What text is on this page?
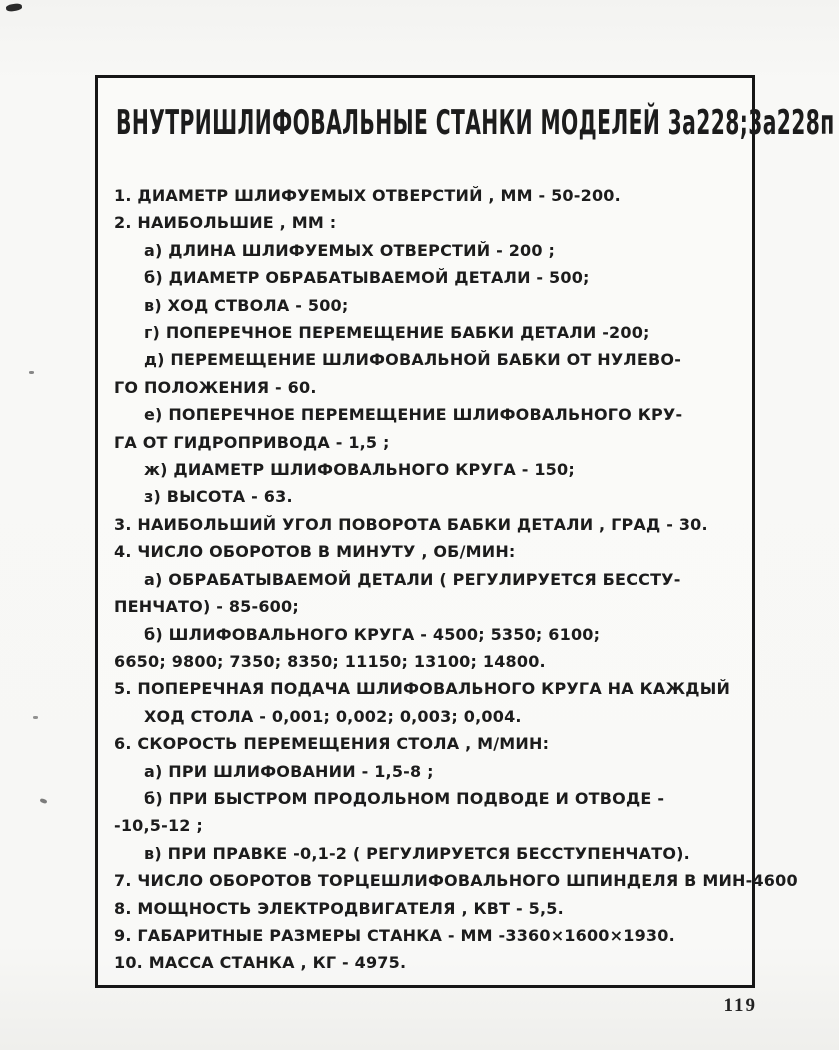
ВНУТРИШЛИФОВАЛЬНЫЕ СТАНКИ МОДЕЛЕЙ 3а228;3а228п
1. ДИАМЕТР ШЛИФУЕМЫХ ОТВЕРСТИЙ , ММ - 50-200.
2. НАИБОЛЬШИЕ , ММ :
а) ДЛИНА ШЛИФУЕМЫХ ОТВЕРСТИЙ - 200 ;
б) ДИАМЕТР ОБРАБАТЫВАЕМОЙ ДЕТАЛИ - 500;
в) ХОД СТВОЛА - 500;
г) ПОПЕРЕЧНОЕ ПЕРЕМЕЩЕНИЕ БАБКИ ДЕТАЛИ -200;
д) ПЕРЕМЕЩЕНИЕ ШЛИФОВАЛЬНОЙ БАБКИ ОТ НУЛЕВО-
ГО ПОЛОЖЕНИЯ - 60.
е) ПОПЕРЕЧНОЕ ПЕРЕМЕЩЕНИЕ ШЛИФОВАЛЬНОГО КРУ-
ГА ОТ ГИДРОПРИВОДА - 1,5 ;
ж) ДИАМЕТР ШЛИФОВАЛЬНОГО КРУГА - 150;
з) ВЫСОТА - 63.
3. НАИБОЛЬШИЙ УГОЛ ПОВОРОТА БАБКИ ДЕТАЛИ , ГРАД - 30.
4. ЧИСЛО ОБОРОТОВ В МИНУТУ , ОБ/МИН:
а) ОБРАБАТЫВАЕМОЙ ДЕТАЛИ ( РЕГУЛИРУЕТСЯ БЕССТУ-
ПЕНЧАТО) - 85-600;
б) ШЛИФОВАЛЬНОГО КРУГА - 4500; 5350; 6100;
6650; 9800; 7350; 8350; 11150; 13100; 14800.
5. ПОПЕРЕЧНАЯ ПОДАЧА ШЛИФОВАЛЬНОГО КРУГА НА КАЖДЫЙ
ХОД СТОЛА - 0,001; 0,002; 0,003; 0,004.
6. СКОРОСТЬ ПЕРЕМЕЩЕНИЯ СТОЛА , М/МИН:
а) ПРИ ШЛИФОВАНИИ - 1,5-8 ;
б) ПРИ БЫСТРОМ ПРОДОЛЬНОМ ПОДВОДЕ И ОТВОДЕ -
-10,5-12 ;
в) ПРИ ПРАВКЕ -0,1-2 ( РЕГУЛИРУЕТСЯ БЕССТУПЕНЧАТО).
7. ЧИСЛО ОБОРОТОВ ТОРЦЕШЛИФОВАЛЬНОГО ШПИНДЕЛЯ В МИН-4600
8. МОЩНОСТЬ ЭЛЕКТРОДВИГАТЕЛЯ , КВТ - 5,5.
9. ГАБАРИТНЫЕ РАЗМЕРЫ СТАНКА - ММ -3360×1600×1930.
10. МАССА СТАНКА , КГ - 4975.
119
